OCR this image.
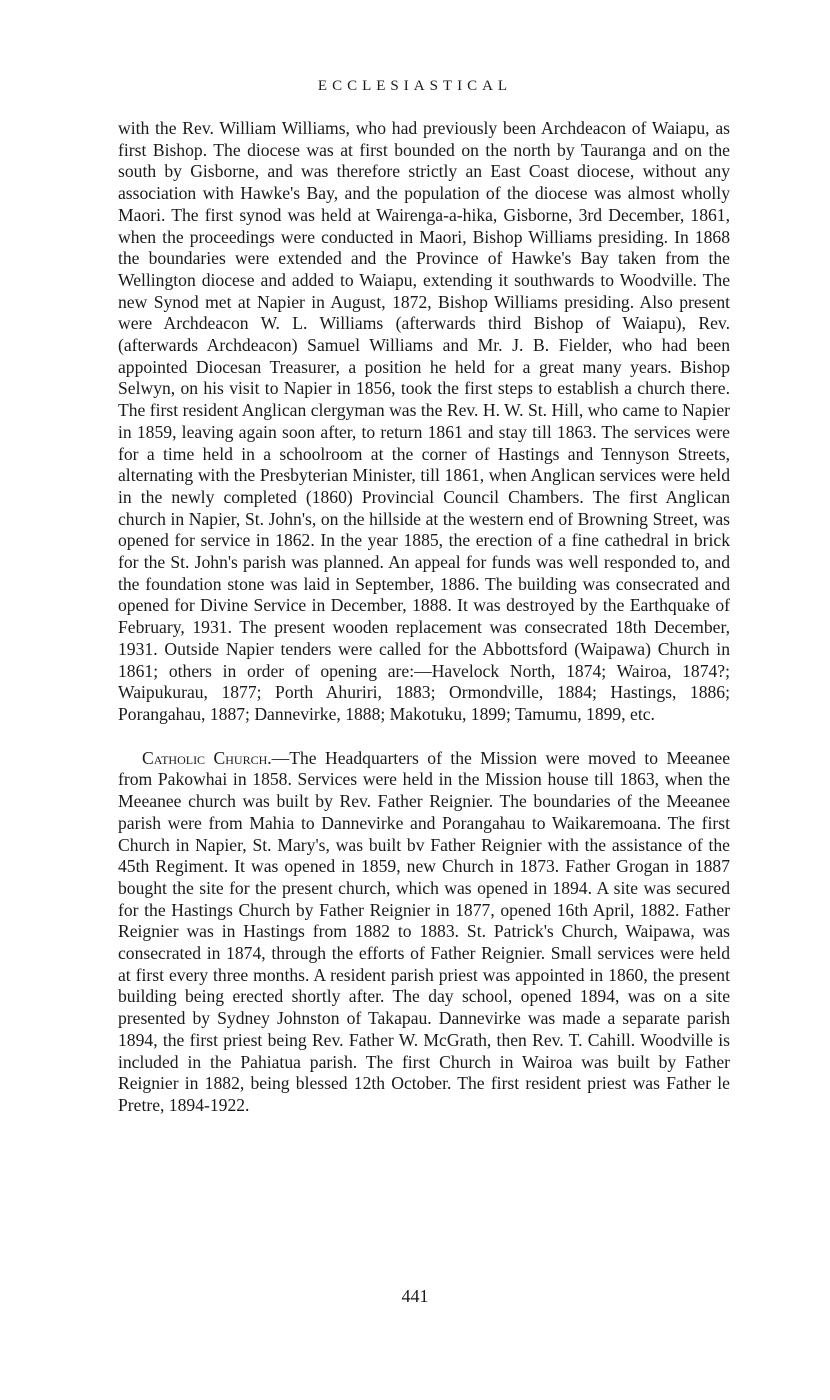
ECCLESIASTICAL

with the Rev. William Williams, who had previously been Archdeacon of Waiapu, as first Bishop. The diocese was at first bounded on the north by Tauranga and on the south by Gisborne, and was therefore strictly an East Coast diocese, without any association with Hawke's Bay, and the population of the diocese was almost wholly Maori. The first synod was held at Wairenga-a-hika, Gisborne, 3rd December, 1861, when the proceedings were conducted in Maori, Bishop Williams presiding. In 1868 the boundaries were extended and the Province of Hawke's Bay taken from the Wellington diocese and added to Waiapu, extending it southwards to Woodville. The new Synod met at Napier in August, 1872, Bishop Williams presiding. Also present were Archdeacon W. L. Williams (afterwards third Bishop of Waiapu), Rev. (afterwards Archdeacon) Samuel Williams and Mr. J. B. Fielder, who had been appointed Diocesan Treasurer, a position he held for a great many years. Bishop Selwyn, on his visit to Napier in 1856, took the first steps to establish a church there. The first resident Anglican clergyman was the Rev. H. W. St. Hill, who came to Napier in 1859, leaving again soon after, to return 1861 and stay till 1863. The services were for a time held in a schoolroom at the corner of Hastings and Tennyson Streets, alternating with the Presbyterian Minister, till 1861, when Anglican services were held in the newly completed (1860) Provincial Council Chambers. The first Anglican church in Napier, St. John's, on the hillside at the western end of Browning Street, was opened for service in 1862. In the year 1885, the erection of a fine cathedral in brick for the St. John's parish was planned. An appeal for funds was well responded to, and the foundation stone was laid in September, 1886. The building was consecrated and opened for Divine Service in December, 1888. It was destroyed by the Earthquake of February, 1931. The present wooden replacement was consecrated 18th December, 1931. Outside Napier tenders were called for the Abbottsford (Waipawa) Church in 1861; others in order of opening are:—Havelock North, 1874; Wairoa, 1874?; Waipukurau, 1877; Porth Ahuriri, 1883; Ormondville, 1884; Hastings, 1886; Porangahau, 1887; Dannevirke, 1888; Makotuku, 1899; Tamumu, 1899, etc.

Catholic Church.—The Headquarters of the Mission were moved to Meeanee from Pakowhai in 1858. Services were held in the Mission house till 1863, when the Meeanee church was built by Rev. Father Reignier. The boundaries of the Meeanee parish were from Mahia to Dannevirke and Porangahau to Waikaremoana. The first Church in Napier, St. Mary's, was built bv Father Reignier with the assistance of the 45th Regiment. It was opened in 1859, new Church in 1873. Father Grogan in 1887 bought the site for the present church, which was opened in 1894. A site was secured for the Hastings Church by Father Reignier in 1877, opened 16th April, 1882. Father Reignier was in Hastings from 1882 to 1883. St. Patrick's Church, Waipawa, was consecrated in 1874, through the efforts of Father Reignier. Small services were held at first every three months. A resident parish priest was appointed in 1860, the present building being erected shortly after. The day school, opened 1894, was on a site presented by Sydney Johnston of Takapau. Dannevirke was made a separate parish 1894, the first priest being Rev. Father W. McGrath, then Rev. T. Cahill. Woodville is included in the Pahiatua parish. The first Church in Wairoa was built by Father Reignier in 1882, being blessed 12th October. The first resident priest was Father le Pretre, 1894-1922.

441
